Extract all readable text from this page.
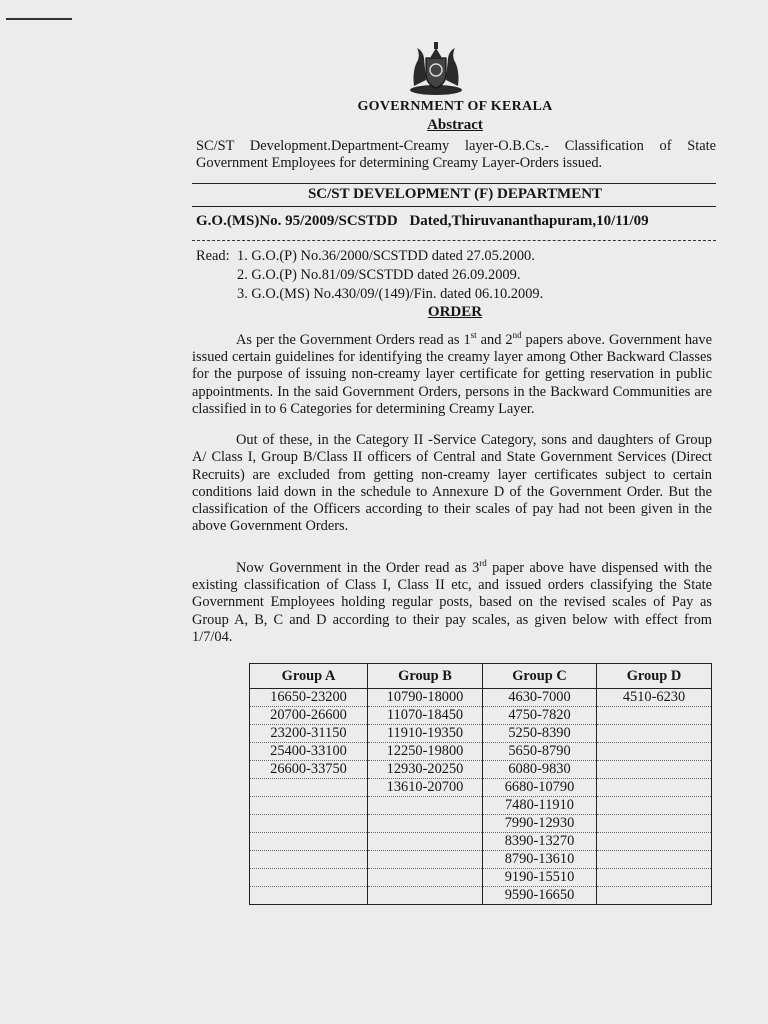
GOVERNMENT OF KERALA
Abstract
SC/ST Development.Department-Creamy layer-O.B.Cs.- Classification of State Government Employees for determining Creamy Layer-Orders issued.
SC/ST DEVELOPMENT (F) DEPARTMENT
G.O.(MS)No. 95/2009/SCSTDD Dated,Thiruvananthapuram,10/11/09
Read: 1. G.O.(P) No.36/2000/SCSTDD dated 27.05.2000.
2. G.O.(P) No.81/09/SCSTDD dated 26.09.2009.
3. G.O.(MS) No.430/09/(149)/Fin. dated 06.10.2009.
ORDER
As per the Government Orders read as 1st and 2nd papers above. Government have issued certain guidelines for identifying the creamy layer among Other Backward Classes for the purpose of issuing non-creamy layer certificate for getting reservation in public appointments. In the said Government Orders, persons in the Backward Communities are classified in to 6 Categories for determining Creamy Layer.
Out of these, in the Category II -Service Category, sons and daughters of Group A/ Class I, Group B/Class II officers of Central and State Government Services (Direct Recruits) are excluded from getting non-creamy layer certificates subject to certain conditions laid down in the schedule to Annexure D of the Government Order. But the classification of the Officers according to their scales of pay had not been given in the above Government Orders.
Now Government in the Order read as 3rd paper above have dispensed with the existing classification of Class I, Class II etc, and issued orders classifying the State Government Employees holding regular posts, based on the revised scales of Pay as Group A, B, C and D according to their pay scales, as given below with effect from 1/7/04.
Group A	Group B	Group C	Group D
16650-23200	10790-18000	4630-7000	4510-6230
20700-26600	11070-18450	4750-7820	
23200-31150	11910-19350	5250-8390	
25400-33100	12250-19800	5650-8790	
26600-33750	12930-20250	6080-9830	
	13610-20700	6680-10790	
		7480-11910	
		7990-12930	
		8390-13270	
		8790-13610	
		9190-15510	
		9590-16650	
